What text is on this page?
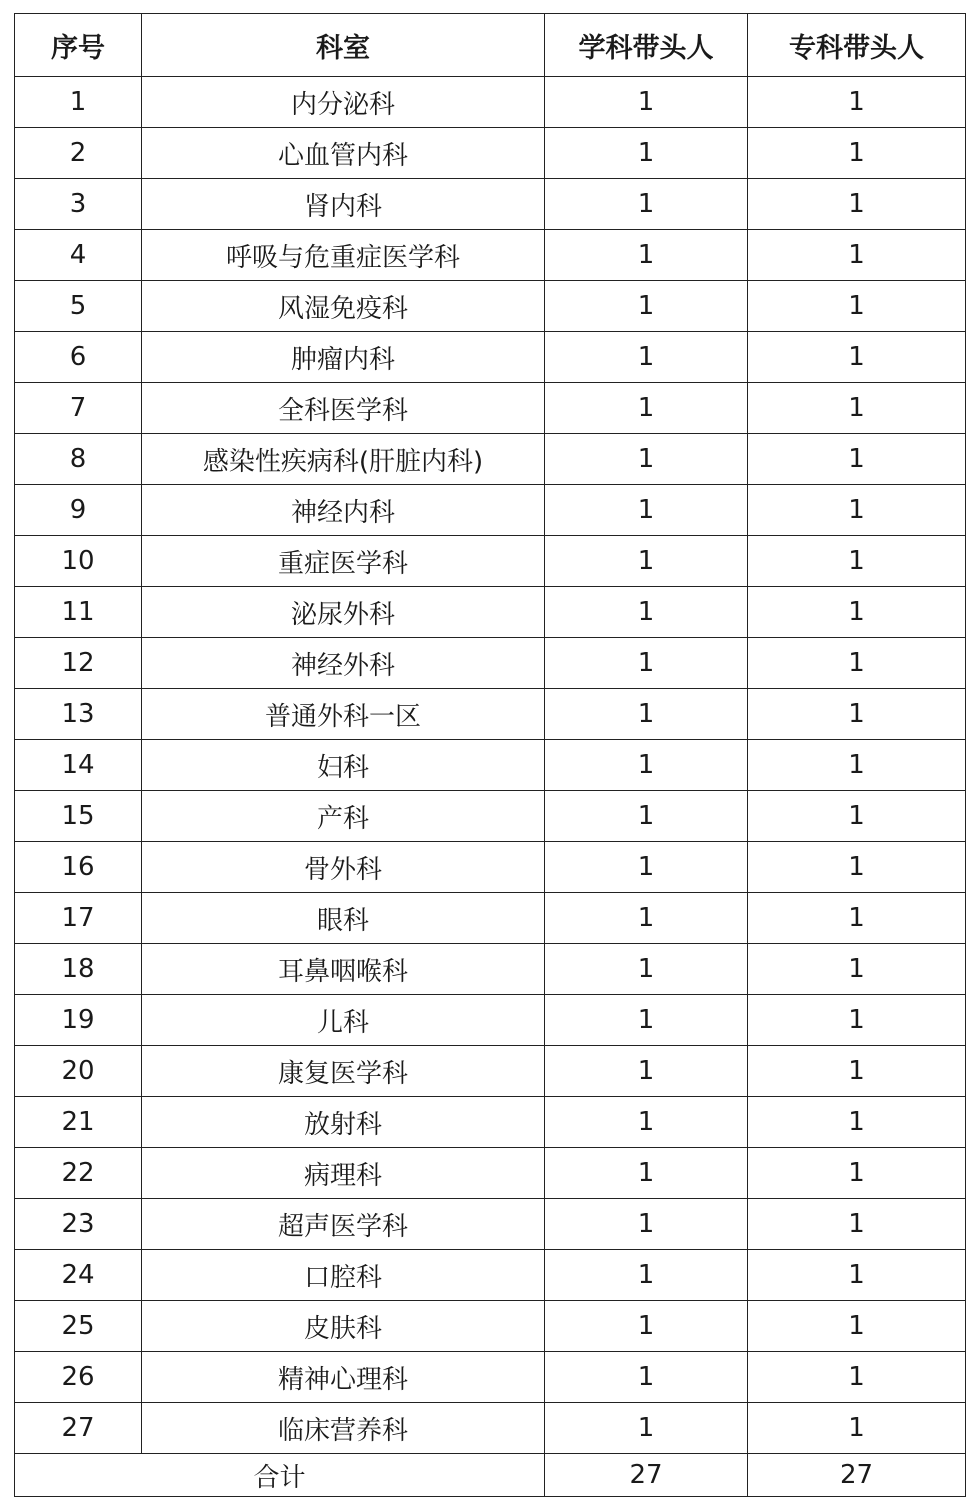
序号	科室	学科带头人	专科带头人
1	内分泌科	1	1
2	心血管内科	1	1
3	肾内科	1	1
4	呼吸与危重症医学科	1	1
5	风湿免疫科	1	1
6	肿瘤内科	1	1
7	全科医学科	1	1
8	感染性疾病科(肝脏内科)	1	1
9	神经内科	1	1
10	重症医学科	1	1
11	泌尿外科	1	1
12	神经外科	1	1
13	普通外科一区	1	1
14	妇科	1	1
15	产科	1	1
16	骨外科	1	1
17	眼科	1	1
18	耳鼻咽喉科	1	1
19	儿科	1	1
20	康复医学科	1	1
21	放射科	1	1
22	病理科	1	1
23	超声医学科	1	1
24	口腔科	1	1
25	皮肤科	1	1
26	精神心理科	1	1
27	临床营养科	1	1
合计		27	27
